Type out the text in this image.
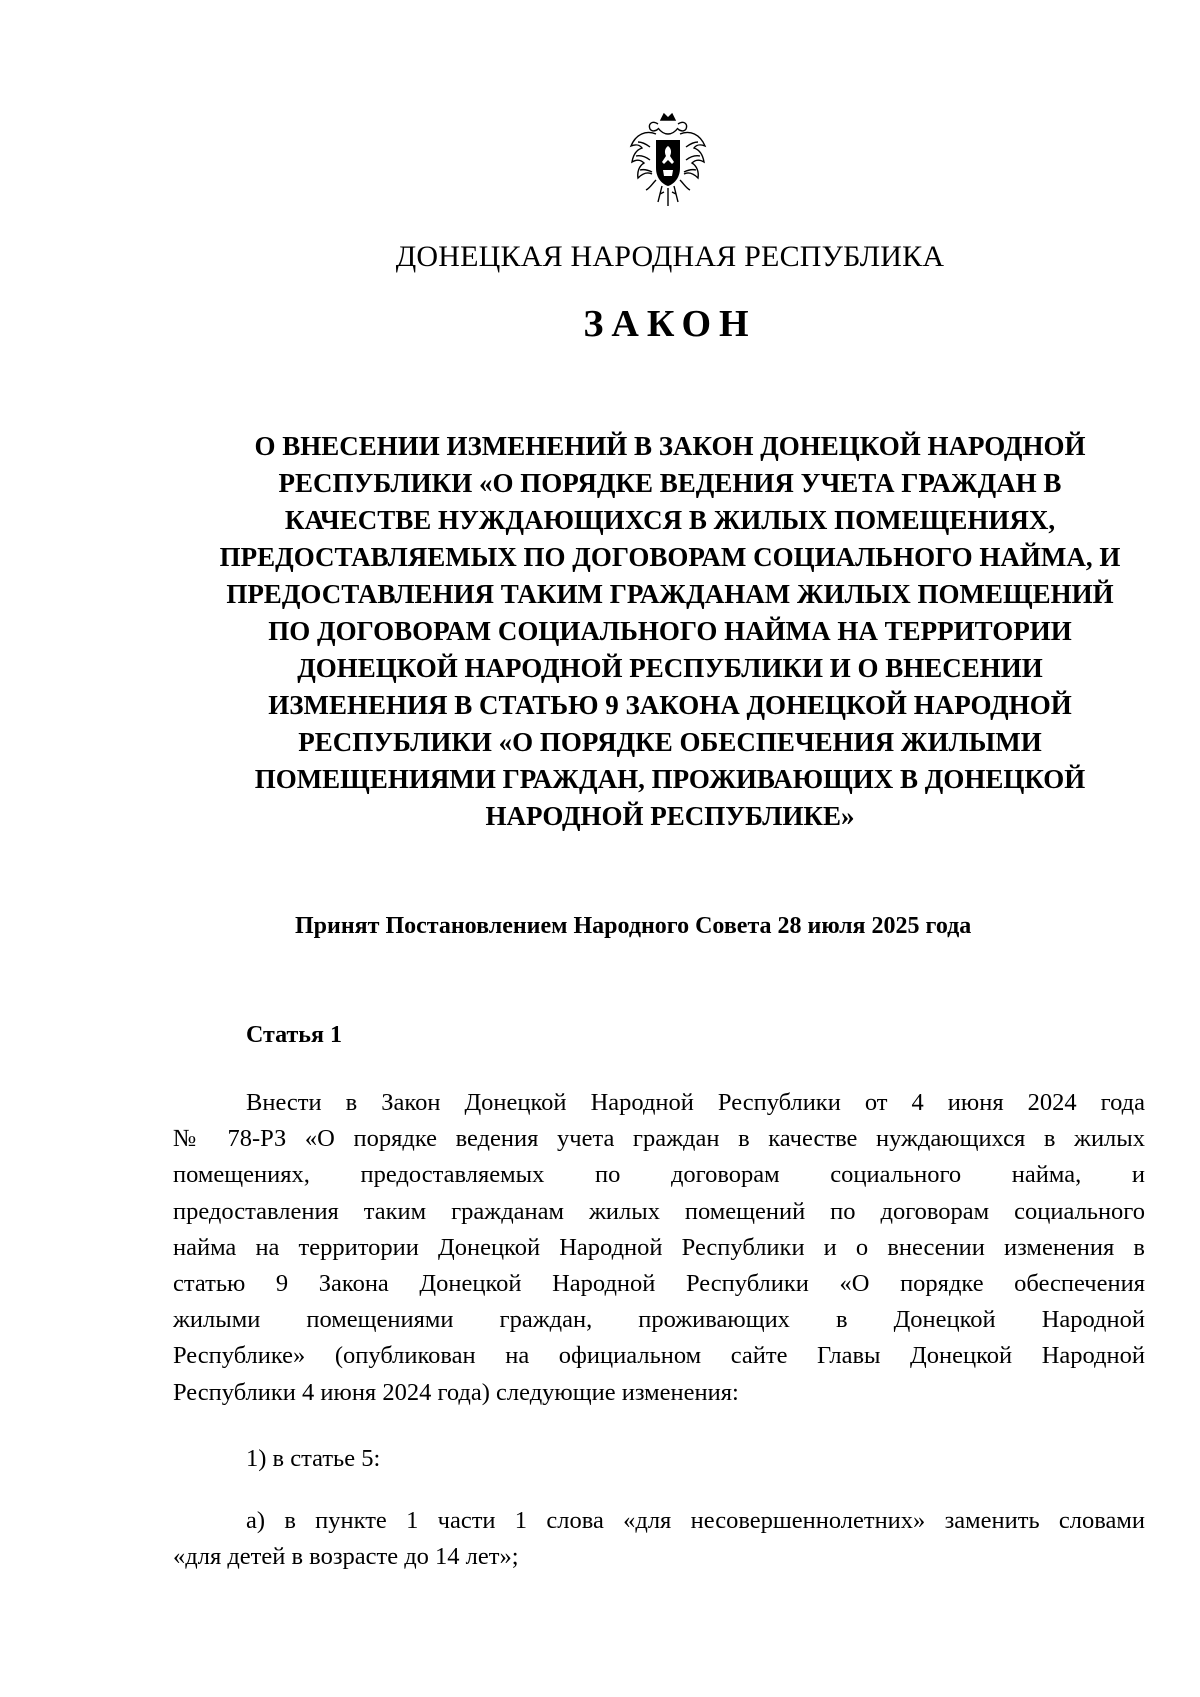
ДОНЕЦКАЯ НАРОДНАЯ РЕСПУБЛИКА
ЗАКОН
О ВНЕСЕНИИ ИЗМЕНЕНИЙ В ЗАКОН ДОНЕЦКОЙ НАРОДНОЙ
РЕСПУБЛИКИ «О ПОРЯДКЕ ВЕДЕНИЯ УЧЕТА ГРАЖДАН В
КАЧЕСТВЕ НУЖДАЮЩИХСЯ В ЖИЛЫХ ПОМЕЩЕНИЯХ,
ПРЕДОСТАВЛЯЕМЫХ ПО ДОГОВОРАМ СОЦИАЛЬНОГО НАЙМА, И
ПРЕДОСТАВЛЕНИЯ ТАКИМ ГРАЖДАНАМ ЖИЛЫХ ПОМЕЩЕНИЙ
ПО ДОГОВОРАМ СОЦИАЛЬНОГО НАЙМА НА ТЕРРИТОРИИ
ДОНЕЦКОЙ НАРОДНОЙ РЕСПУБЛИКИ И О ВНЕСЕНИИ
ИЗМЕНЕНИЯ В СТАТЬЮ 9 ЗАКОНА ДОНЕЦКОЙ НАРОДНОЙ
РЕСПУБЛИКИ «О ПОРЯДКЕ ОБЕСПЕЧЕНИЯ ЖИЛЫМИ
ПОМЕЩЕНИЯМИ ГРАЖДАН, ПРОЖИВАЮЩИХ В ДОНЕЦКОЙ
НАРОДНОЙ РЕСПУБЛИКЕ»
Принят Постановлением Народного Совета 28 июля 2025 года
Статья 1
Внести в Закон Донецкой Народной Республики от 4 июня 2024 года
№ 78-РЗ «О порядке ведения учета граждан в качестве нуждающихся в жилых
помещениях, предоставляемых по договорам социального найма, и
предоставления таким гражданам жилых помещений по договорам социального
найма на территории Донецкой Народной Республики и о внесении изменения в
статью 9 Закона Донецкой Народной Республики «О порядке обеспечения
жилыми помещениями граждан, проживающих в Донецкой Народной
Республике» (опубликован на официальном сайте Главы Донецкой Народной
Республики 4 июня 2024 года) следующие изменения:
1) в статье 5:
а) в пункте 1 части 1 слова «для несовершеннолетних» заменить словами
«для детей в возрасте до 14 лет»;
